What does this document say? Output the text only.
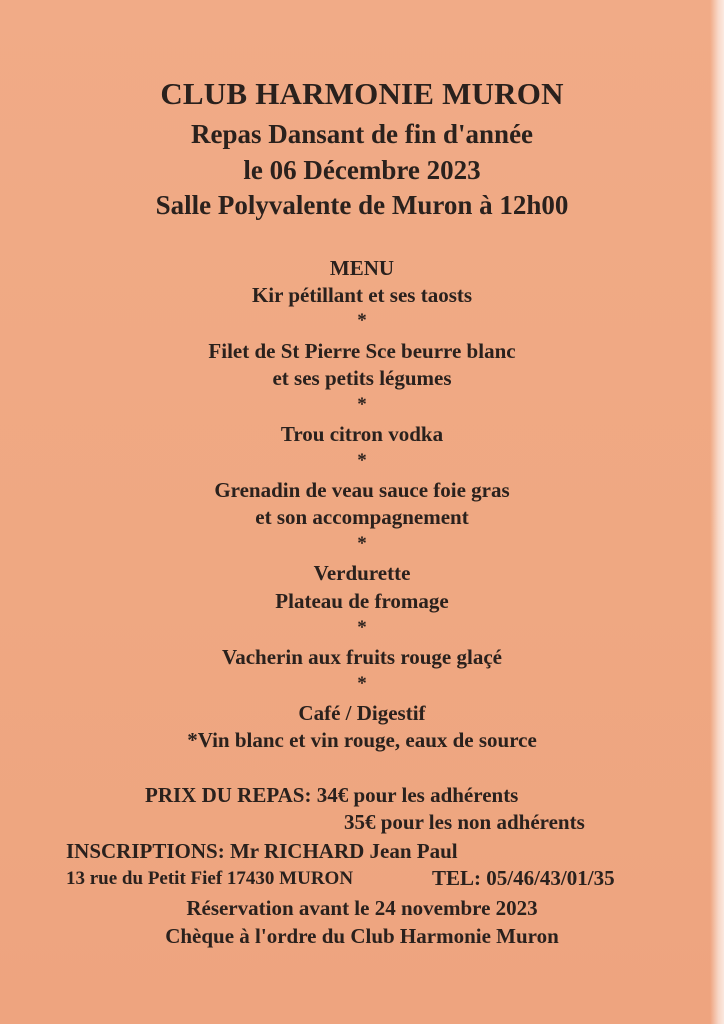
CLUB HARMONIE MURON
Repas Dansant de fin d'année
le 06 Décembre 2023
Salle Polyvalente de Muron à 12h00
MENU
Kir pétillant et ses taosts
*
Filet de St Pierre Sce beurre blanc
et ses petits légumes
*
Trou citron vodka
*
Grenadin de veau sauce foie gras
et son accompagnement
*
Verdurette
Plateau de fromage
*
Vacherin aux fruits rouge glaçé
*
Café / Digestif
*Vin blanc et vin rouge, eaux de source
PRIX DU REPAS: 34€ pour les adhérents
35€ pour les non adhérents
INSCRIPTIONS: Mr RICHARD Jean Paul
13 rue du Petit Fief 17430 MURON	TEL: 05/46/43/01/35
Réservation avant le 24 novembre 2023
Chèque à l'ordre du Club Harmonie Muron
